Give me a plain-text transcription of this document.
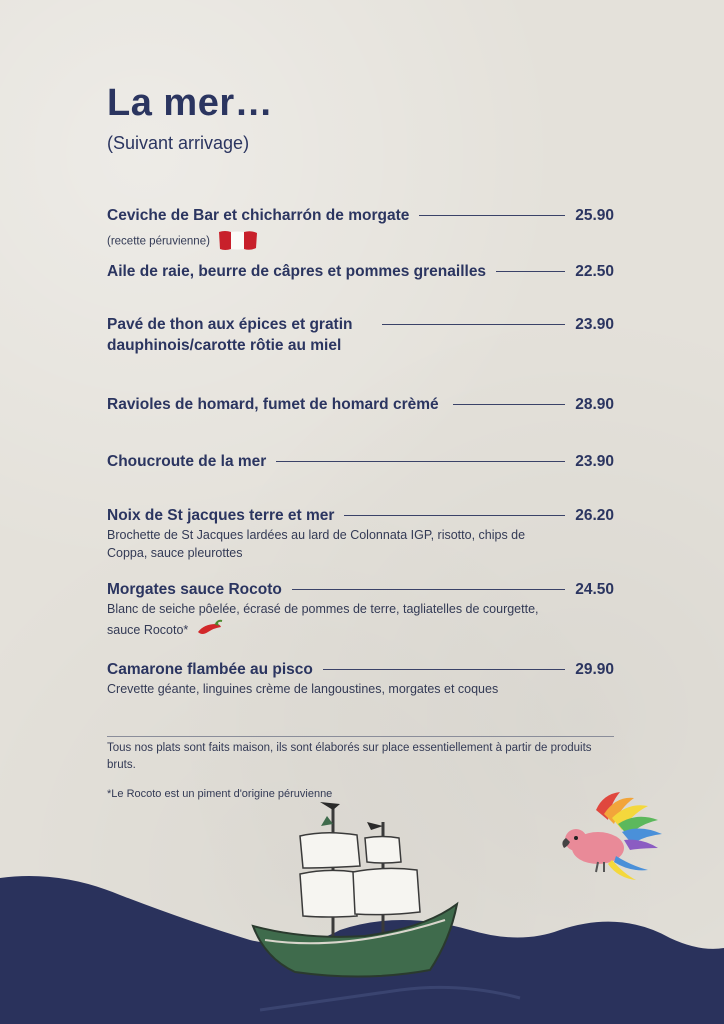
La mer…
(Suivant arrivage)
Ceviche de Bar et chicharrón de morgate	25.90
(recette péruvienne)
Aile de raie, beurre de câpres et pommes grenailles	22.50
Pavé de thon aux épices et gratin dauphinois/carotte rôtie au miel
23.90
Ravioles de homard, fumet de homard crèmé	28.90
Choucroute de la mer	23.90
Noix de St jacques terre et mer	26.20
Brochette de St Jacques lardées au lard de Colonnata IGP, risotto, chips de Coppa, sauce pleurottes
Morgates sauce Rocoto	24.50
Blanc de seiche pôelée, écrasé de pommes de terre, tagliatelles de courgette, sauce Rocoto*
Camarone flambée au pisco	29.90
Crevette géante, linguines crème de langoustines, morgates et coques
Tous nos plats sont faits maison, ils sont élaborés sur place essentiellement à partir de produits bruts.
*Le Rocoto est un piment d'origine péruvienne
